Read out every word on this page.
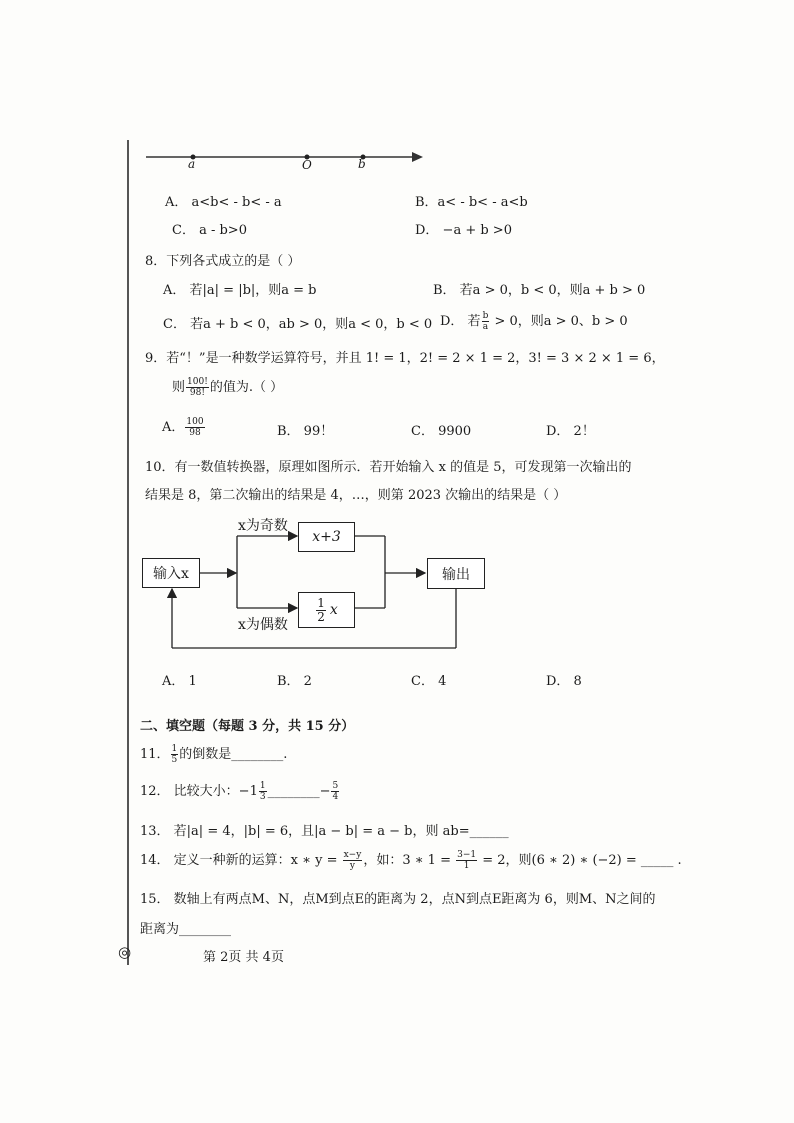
a	O	b
A． a<b< - b< - a	B．a< - b< - a<b
C． a - b>0	D． −a + b >0
8．下列各式成立的是（ ）
A． 若|a| = |b|，则a = b	B． 若a > 0，b < 0，则a + b > 0
C． 若a + b < 0，ab > 0，则a < 0，b < 0 D． 若 $\frac{b}{a} > 0$，则a > 0、b > 0
9．若“！”是一种数学运算符号，并且 1! = 1，2! = 2 × 1 = 2，3! = 3 × 2 × 1 = 6，
则 $\frac{100!}{98!}$ 的值为.（ ）
A． $\frac{100}{98}$	B． 99！	C． 9900	D． 2！
10．有一数值转换器，原理如图所示．若开始输入 x 的值是 5，可发现第一次输出的
结果是 8，第二次输出的结果是 4，…，则第 2023 次输出的结果是（ ）
输入x
x为奇数
x+3
$\frac{1}{2}$ x
x为偶数
输出
A． 1	B． 2	C． 4	D． 8
二、填空题（每题 3 分，共 15 分）
11． $\frac{1}{5}$ 的倒数是________.
12． 比较大小：$-1 \frac{1}{3}$ ________− $\frac{5}{4}$
13． 若|a| = 4，|b| = 6，且|a − b| = a − b，则 ab=______
14． 定义一种新的运算：x ∗ $y = \frac{x-y}{y}$ ，如：3 ∗ $1 = \frac{3-1}{1} = 2$，则(6 ∗ 2) ∗ (−2) = _____ .
15． 数轴上有两点M、N，点M到点E的距离为 2，点N到点E距离为 6，则M、N之间的
距离为________
◎	第 2页 共 4页
